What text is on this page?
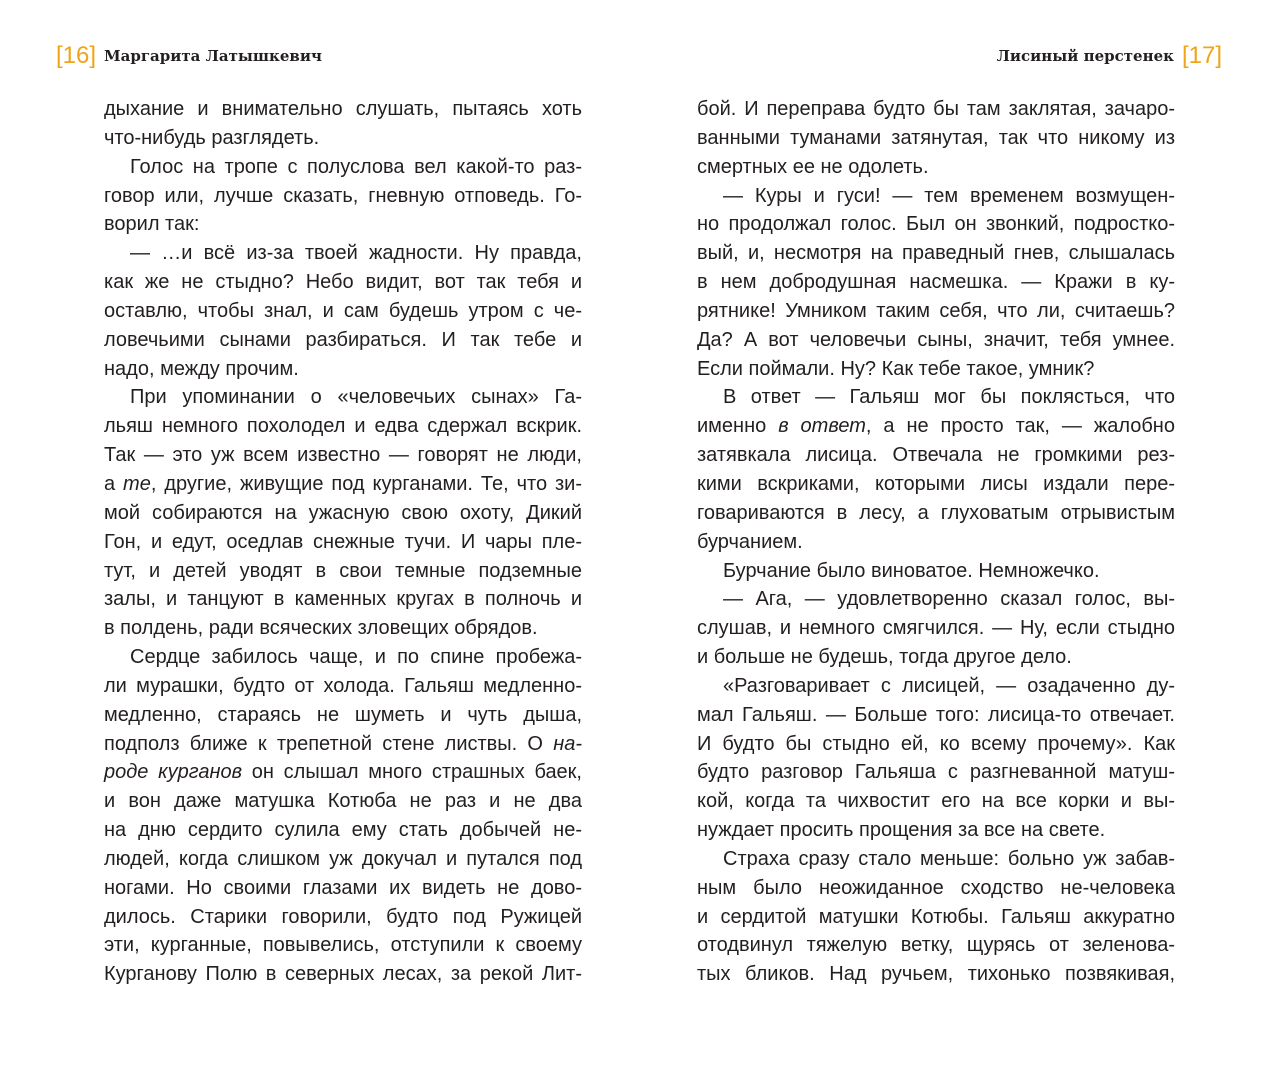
[16] Маргарита Латышкевич	Лисиный перстенек [17]
дыхание и внимательно слушать, пытаясь хоть
что-нибудь разглядеть.
Голос на тропе с полуслова вел какой-то раз-
говор или, лучше сказать, гневную отповедь. Го-
ворил так:
— …и всё из-за твоей жадности. Ну правда,
как же не стыдно? Небо видит, вот так тебя и
оставлю, чтобы знал, и сам будешь утром с че-
ловечьими сынами разбираться. И так тебе и
надо, между прочим.
При упоминании о «человечьих сынах» Га-
льяш немного похолодел и едва сдержал вскрик.
Так — это уж всем известно — говорят не люди,
а те, другие, живущие под курганами. Те, что зи-
мой собираются на ужасную свою охоту, Дикий
Гон, и едут, оседлав снежные тучи. И чары пле-
тут, и детей уводят в свои темные подземные
залы, и танцуют в каменных кругах в полночь и
в полдень, ради всяческих зловещих обрядов.
Сердце забилось чаще, и по спине пробежа-
ли мурашки, будто от холода. Гальяш медленно-
медленно, стараясь не шуметь и чуть дыша,
подполз ближе к трепетной стене листвы. О на-
роде курганов он слышал много страшных баек,
и вон даже матушка Котюба не раз и не два
на дню сердито сулила ему стать добычей не-
людей, когда слишком уж докучал и путался под
ногами. Но своими глазами их видеть не дово-
дилось. Старики говорили, будто под Ружицей
эти, курганные, повывелись, отступили к своему
Курганову Полю в северных лесах, за рекой Лит-
бой. И переправа будто бы там заклятая, зачаро-
ванными туманами затянутая, так что никому из
смертных ее не одолеть.
— Куры и гуси! — тем временем возмущен-
но продолжал голос. Был он звонкий, подростко-
вый, и, несмотря на праведный гнев, слышалась
в нем добродушная насмешка. — Кражи в ку-
рятнике! Умником таким себя, что ли, считаешь?
Да? А вот человечьи сыны, значит, тебя умнее.
Если поймали. Ну? Как тебе такое, умник?
В ответ — Гальяш мог бы поклясться, что
именно в ответ, а не просто так, — жалобно
затявкала лисица. Отвечала не громкими рез-
кими вскриками, которыми лисы издали пере-
говариваются в лесу, а глуховатым отрывистым
бурчанием.
Бурчание было виноватое. Немножечко.
— Ага, — удовлетворенно сказал голос, вы-
слушав, и немного смягчился. — Ну, если стыдно
и больше не будешь, тогда другое дело.
«Разговаривает с лисицей, — озадаченно ду-
мал Гальяш. — Больше того: лисица-то отвечает.
И будто бы стыдно ей, ко всему прочему». Как
будто разговор Гальяша с разгневанной матуш-
кой, когда та чихвостит его на все корки и вы-
нуждает просить прощения за все на свете.
Страха сразу стало меньше: больно уж забав-
ным было неожиданное сходство не-человека
и сердитой матушки Котюбы. Гальяш аккуратно
отодвинул тяжелую ветку, щурясь от зеленова-
тых бликов. Над ручьем, тихонько позвякивая,
